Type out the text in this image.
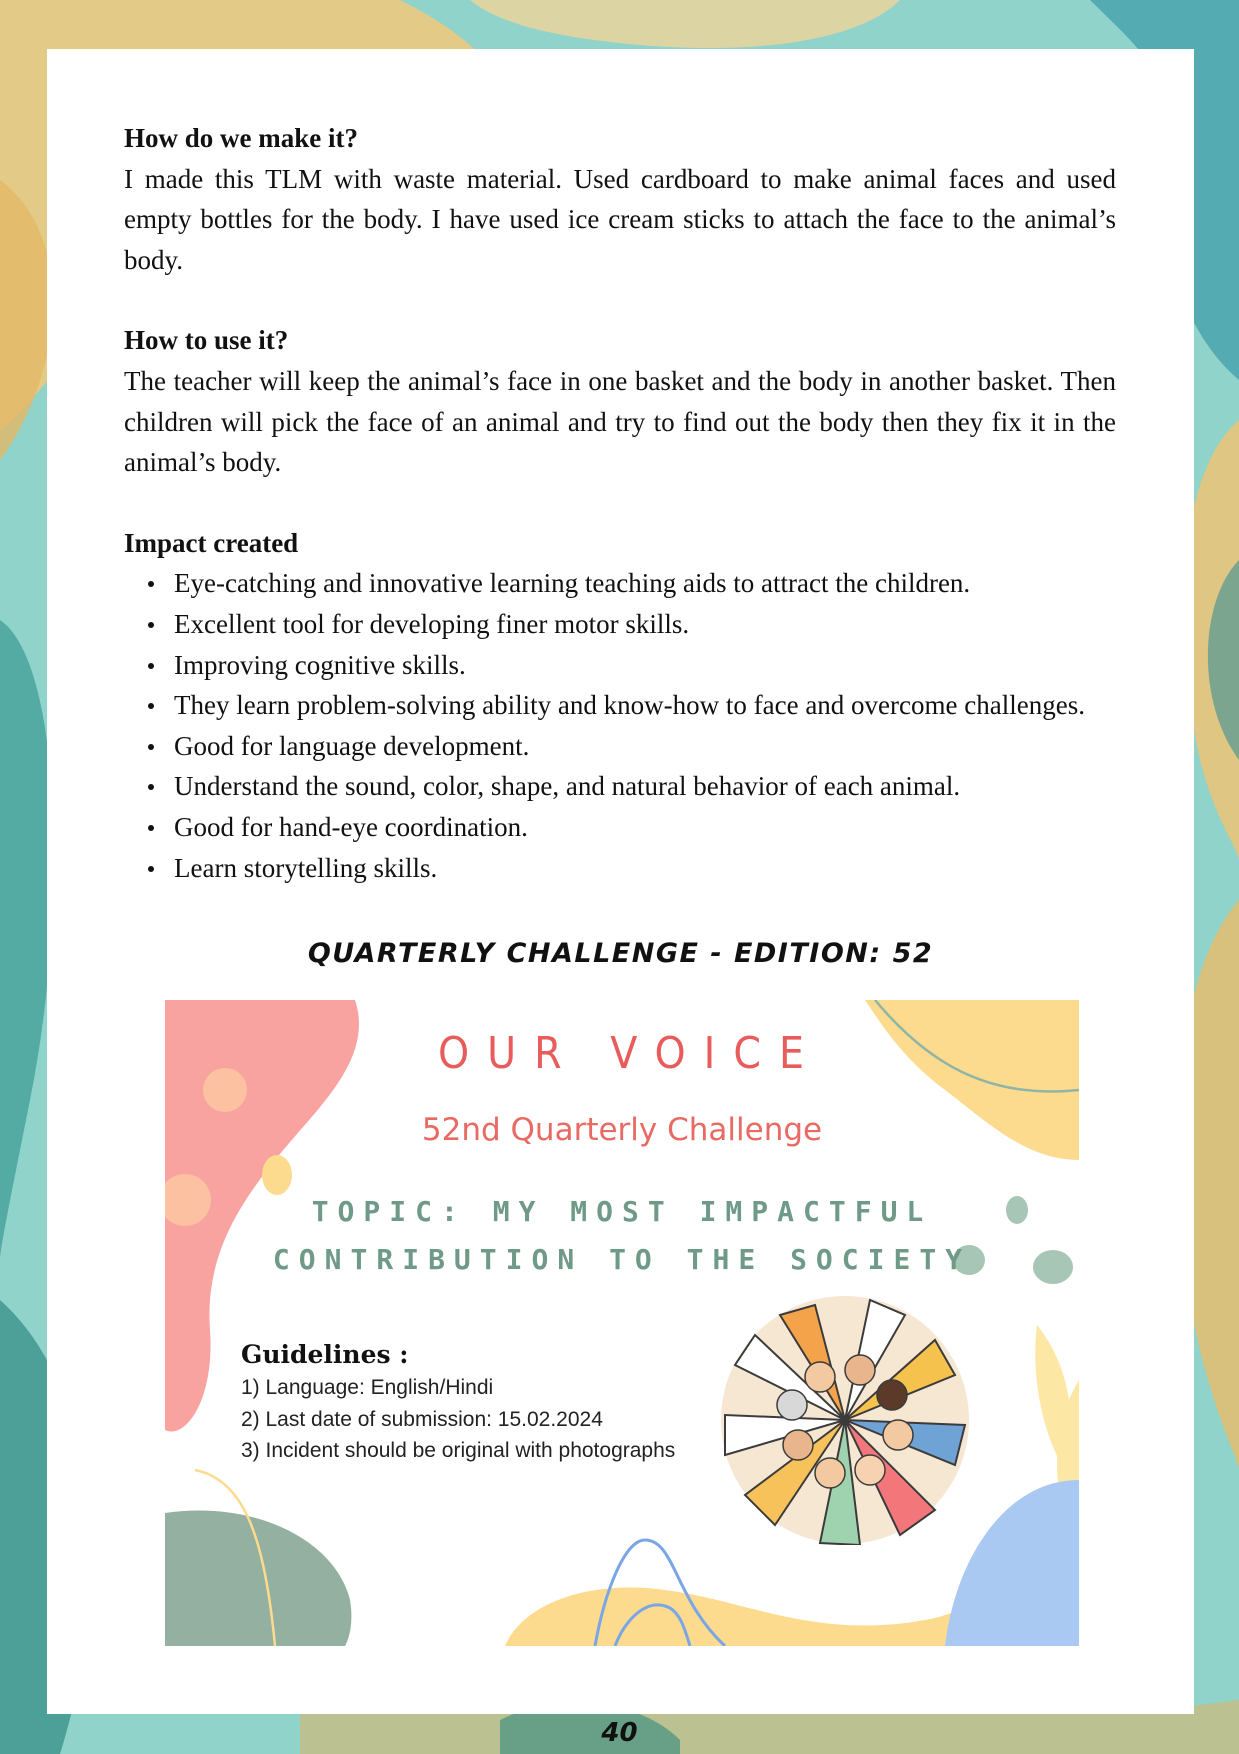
How do we make it?

I made this TLM with waste material. Used cardboard to make animal faces and used empty bottles for the body. I have used ice cream sticks to attach the face to the animal’s body.

How to use it?

The teacher will keep the animal’s face in one basket and the body in another basket. Then children will pick the face of an animal and try to find out the body then they fix it in the animal’s body.

Impact created

Eye-catching and innovative learning teaching aids to attract the children.
Excellent tool for developing finer motor skills.
Improving cognitive skills.
They learn problem-solving ability and know-how to face and overcome challenges.
Good for language development.
Understand the sound, color, shape, and natural behavior of each animal.
Good for hand-eye coordination.
Learn storytelling skills.
QUARTERLY CHALLENGE - EDITION: 52
OUR VOICE
52nd Quarterly Challenge
TOPIC: MY MOST IMPACTFUL
CONTRIBUTION TO THE SOCIETY
Guidelines :
1) Language: English/Hindi
2) Last date of submission: 15.02.2024
3) Incident should be original with photographs
40
